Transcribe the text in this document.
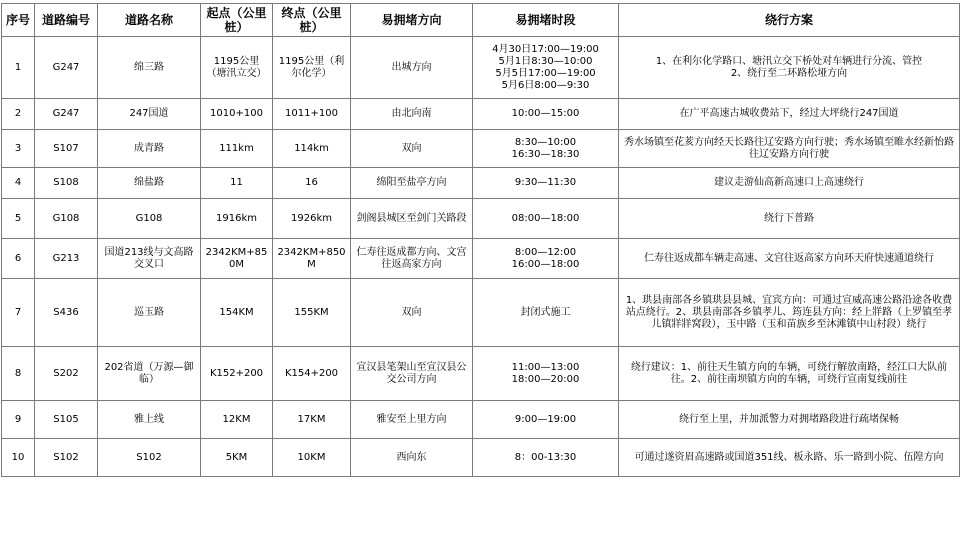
序号	道路编号	道路名称	起点（公里桩）	终点（公里桩）	易拥堵方向	易拥堵时段	绕行方案
1	G247	绵三路	1195公里（塘汛立交）	1195公里（利尔化学）	出城方向	4月30日17:00—19:00
5月1日8:30—10:00
5月5日17:00—19:00
5月6日8:00—9:30	1、在利尔化学路口、塘汛立交下桥处对车辆进行分流、管控
2、绕行至二环路松垭方向
2	G247	247国道	1010+100	1011+100	由北向南	10:00—15:00	在广平高速古城收费站下，经过大坪绕行247国道
3	S107	成青路	111km	114km	双向	8:30—10:00
16:30—18:30	秀水场镇至花荄方向经天长路往辽安路方向行驶；秀水场镇至睢水经新怡路往辽安路方向行驶
4	S108	绵盐路	11	16	绵阳至盐亭方向	9:30—11:30	建议走游仙高新高速口上高速绕行
5	G108	G108	1916km	1926km	剑阁县城区至剑门关路段	08:00—18:00	绕行下普路
6	G213	国道213线与文高路交叉口	2342KM+850M	2342KM+850M	仁寿往返成都方向、文宫往返高家方向	8:00—12:00
16:00—18:00	仁寿往返成都车辆走高速、文宫往返高家方向环天府快速通道绕行
7	S436	巡玉路	154KM	155KM	双向	封闭式施工	1、珙县南部各乡镇珙县县城、宜宾方向：可通过宣威高速公路沿途各收费站点绕行。2、珙县南部各乡镇孝儿、筠连县方向：经上牂路（上罗镇至孝儿镇牂牂窝段），玉中路（玉和苗族乡至沐滩镇中山村段）绕行
8	S202	202省道（万源—御临）	K152+200	K154+200	宣汉县笔架山至宣汉县公交公司方向	11:00—13:00
18:00—20:00	绕行建议：1、前往天生镇方向的车辆，可绕行解放南路，经江口大队前往。2、前往南坝镇方向的车辆，可绕行宣南复线前往
9	S105	雅上线	12KM	17KM	雅安至上里方向	9:00—19:00	绕行至上里，并加派警力对拥堵路段进行疏堵保畅
10	S102	S102	5KM	10KM	西向东	8：00-13:30	可通过遂资眉高速路或国道351线、板永路、乐一路到小院、伍隍方向
